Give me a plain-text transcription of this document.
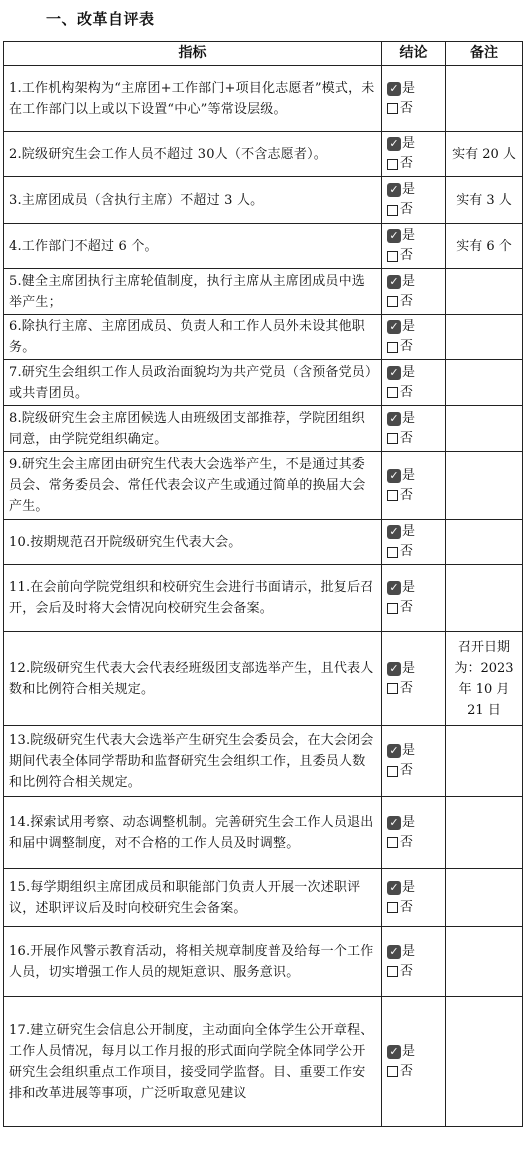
一、改革自评表
指标	结论	备注
1.工作机构架构为“主席团+工作部门+项目化志愿者”模式，未在工作部门以上或以下设置“中心”等常设层级。	✓ 是
否	

2.院级研究生会工作人员不超过 30人（不含志愿者）。	✓ 是
否	实有 20 人
3.主席团成员（含执行主席）不超过 3 人。	✓ 是
否	实有 3 人
4.工作部门不超过 6 个。	✓ 是
否	实有 6 个
5.健全主席团执行主席轮值制度，执行主席从主席团成员中选举产生；	✓ 是
否	

6.除执行主席、主席团成员、负责人和工作人员外未设其他职务。	✓ 是
否	

7.研究生会组织工作人员政治面貌均为共产党员（含预备党员）或共青团员。	✓ 是
否	

8.院级研究生会主席团候选人由班级团支部推荐，学院团组织同意，由学院党组织确定。	✓ 是
否	

9.研究生会主席团由研究生代表大会选举产生，不是通过其委员会、常务委员会、常任代表会议产生或通过简单的换届大会产生。	✓ 是
否	

10.按期规范召开院级研究生代表大会。	✓ 是
否	

11.在会前向学院党组织和校研究生会进行书面请示，批复后召开，会后及时将大会情况向校研究生会备案。	✓ 是
否	

12.院级研究生代表大会代表经班级团支部选举产生，且代表人数和比例符合相关规定。	✓ 是
否	召开日期为：2023 年 10 月 21 日
13.院级研究生代表大会选举产生研究生会委员会，在大会闭会期间代表全体同学帮助和监督研究生会组织工作，且委员人数和比例符合相关规定。	✓ 是
否	

14.探索试用考察、动态调整机制。完善研究生会工作人员退出和届中调整制度，对不合格的工作人员及时调整。	✓ 是
否	

15.每学期组织主席团成员和职能部门负责人开展一次述职评议，述职评议后及时向校研究生会备案。	✓ 是
否	

16.开展作风警示教育活动，将相关规章制度普及给每一个工作人员，切实增强工作人员的规矩意识、服务意识。	✓ 是
否	

17.建立研究生会信息公开制度，主动面向全体学生公开章程、工作人员情况，每月以工作月报的形式面向学院全体同学公开研究生会组织重点工作项目，接受同学监督。目、重要工作安排和改革进展等事项，广泛听取意见建议	✓ 是
否	
